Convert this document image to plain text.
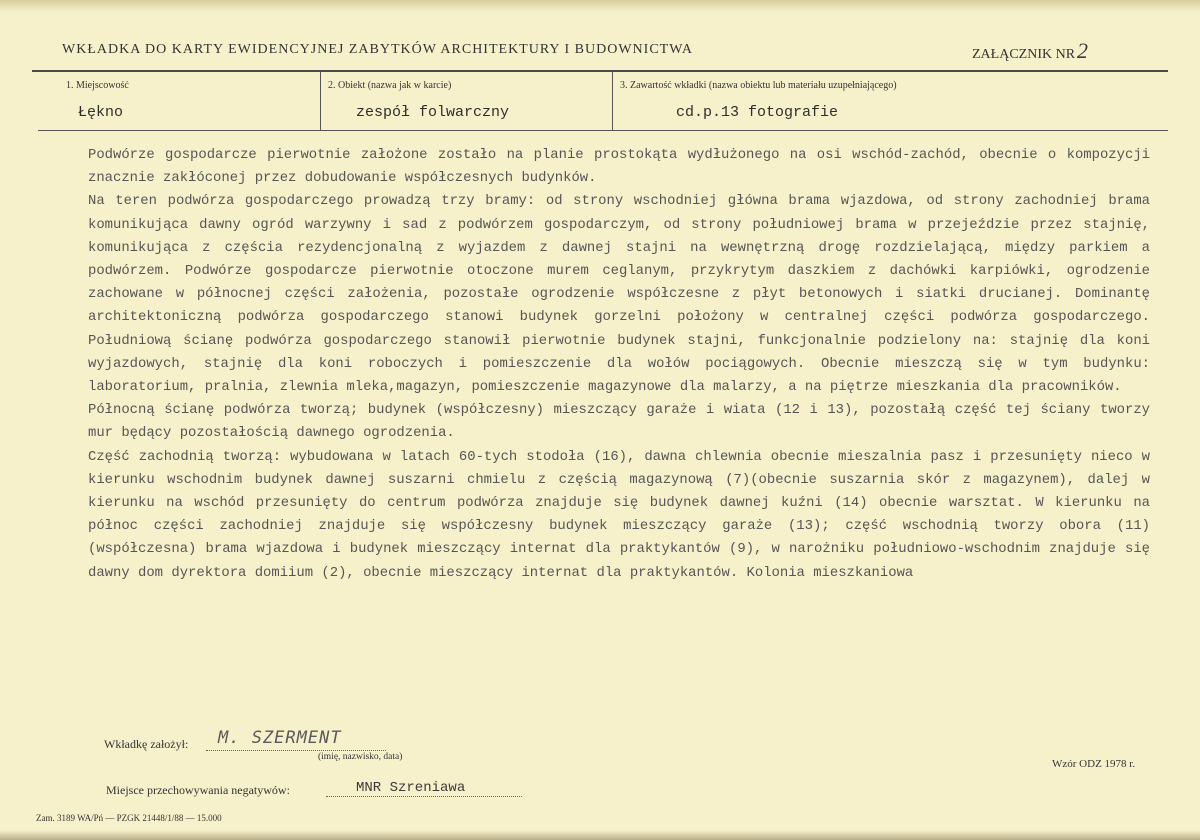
WKŁADKA DO KARTY EWIDENCYJNEJ ZABYTKÓW ARCHITEKTURY I BUDOWNICTWA	ZAŁĄCZNIK NR2
1. Miejscowość
Łękno
2. Obiekt (nazwa jak w karcie)
zespół folwarczny
3. Zawartość wkładki (nazwa obiektu lub materiału uzupełniającego)
cd.p.13 fotografie

Podwórze gospodarcze pierwotnie założone zostało na planie prostokąta wydłużonego na osi wschód-zachód, obecnie o kompozycji znacznie zakłóconej przez dobudowanie współczesnych budynków.

Na teren podwórza gospodarczego prowadzą trzy bramy: od strony wschodniej główna brama wjazdowa, od strony zachodniej brama komunikująca dawny ogród warzywny i sad z podwórzem gospodarczym, od strony południowej brama w przejeździe przez stajnię, komunikująca z częścia rezydencjonalną z wyjazdem z dawnej stajni na wewnętrzną drogę rozdzielającą, między parkiem a podwórzem. Podwórze gospodarcze pierwotnie otoczone murem ceglanym, przykrytym daszkiem z dachówki karpiówki, ogrodzenie zachowane w północnej części założenia, pozostałe ogrodzenie współczesne z płyt betonowych i siatki drucianej. Dominantę architektoniczną podwórza gospodarczego stanowi budynek gorzelni położony w centralnej części podwórza gospodarczego. Południową ścianę podwórza gospodarczego stanowił pierwotnie budynek stajni, funkcjonalnie podzielony na: stajnię dla koni wyjazdowych, stajnię dla koni roboczych i pomieszczenie dla wołów pociągowych. Obecnie mieszczą się w tym budynku: laboratorium, pralnia, zlewnia mleka,magazyn, pomieszczenie magazynowe dla malarzy, a na piętrze mieszkania dla pracowników.

Północną ścianę podwórza tworzą; budynek (współczesny) mieszczący garaże i wiata (12 i 13), pozostałą część tej ściany tworzy mur będący pozostałością dawnego ogrodzenia.

Część zachodnią tworzą: wybudowana w latach 60-tych stodoła (16), dawna chlewnia obecnie mieszalnia pasz i przesunięty nieco w kierunku wschodnim budynek dawnej suszarni chmielu z częścią magazynową (7)(obecnie suszarnia skór z magazynem), dalej w kierunku na wschód przesunięty do centrum podwórza znajduje się budynek dawnej kuźni (14) obecnie warsztat. W kierunku na północ części zachodniej znajduje się współczesny budynek mieszczący garaże (13); część wschodnią tworzy obora (11) (współczesna) brama wjazdowa i budynek mieszczący internat dla praktykantów (9), w narożniku południowo-wschodnim znajduje się dawny dom dyrektora domiium (2), obecnie mieszczący internat dla praktykantów. Kolonia mieszkaniowa

Wkładkę założył: M. SZERMENT
(imię, nazwisko, data)
Wzór ODZ 1978 r.
Miejsce przechowywania negatywów:	MNR Szreniawa
Zam. 3189 WA/Pń — PZGK 21448/1/88 — 15.000
